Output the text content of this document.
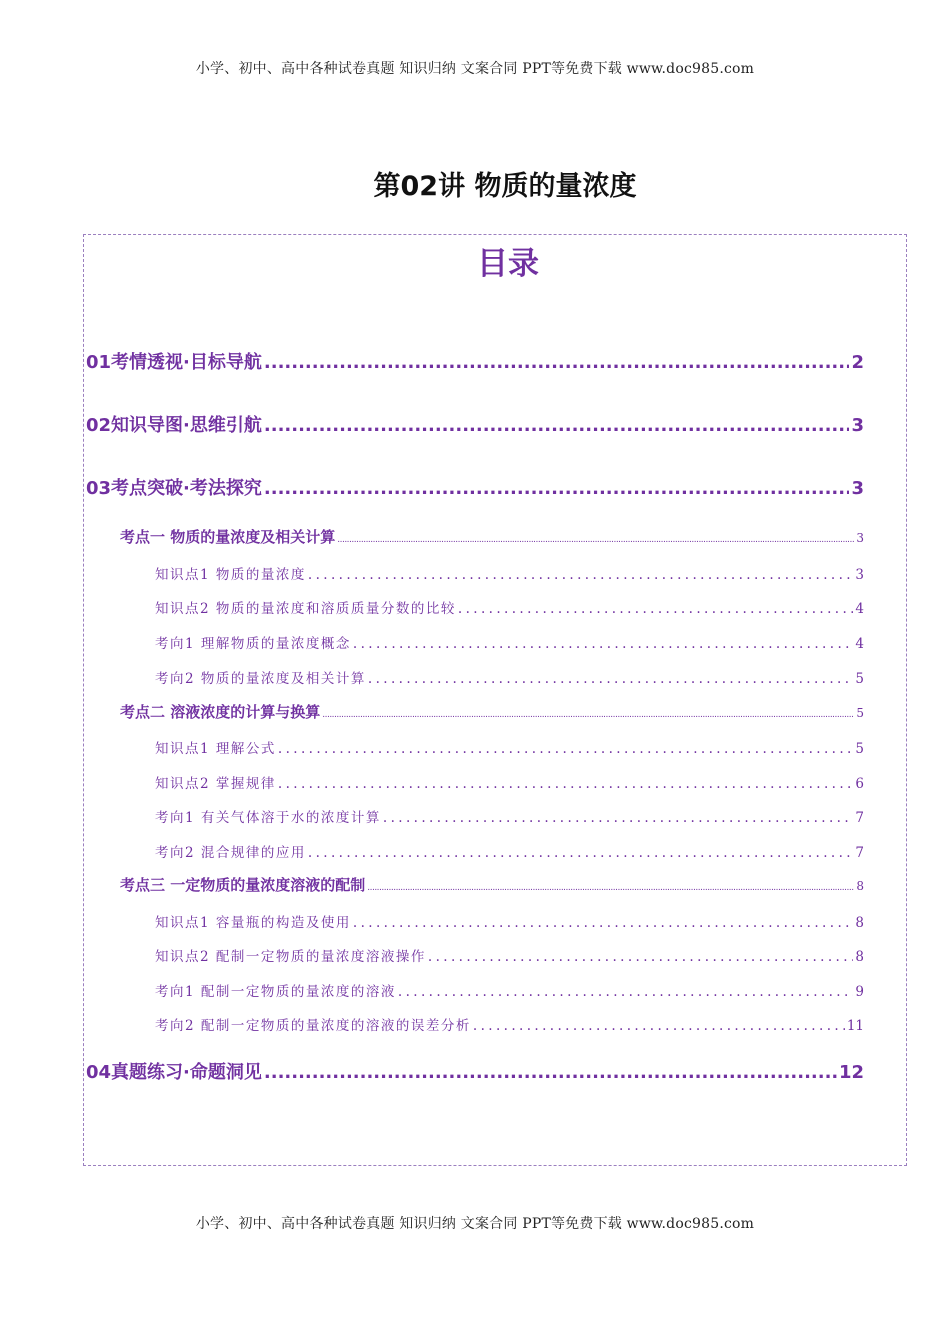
小学、初中、高中各种试卷真题 知识归纳 文案合同 PPT等免费下载 www.doc985.com
第02讲 物质的量浓度
目录
01考情透视·目标导航 .....	2
02知识导图·思维引航 .....	3
03考点突破·考法探究 .....	3
考点一 物质的量浓度及相关计算 .....	3
知识点1 物质的量浓度 .....	3
知识点2 物质的量浓度和溶质质量分数的比较 .....	4
考向1 理解物质的量浓度概念 .....	4
考向2 物质的量浓度及相关计算 .....	5
考点二 溶液浓度的计算与换算 .....	5
知识点1 理解公式 .....	5
知识点2 掌握规律 .....	6
考向1 有关气体溶于水的浓度计算 .....	7
考向2 混合规律的应用 .....	7
考点三 一定物质的量浓度溶液的配制 .....	8
知识点1 容量瓶的构造及使用 .....	8
知识点2 配制一定物质的量浓度溶液操作 .....	8
考向1 配制一定物质的量浓度的溶液 .....	9
考向2 配制一定物质的量浓度的溶液的误差分析 .....	11
04真题练习·命题洞见 .....	12
小学、初中、高中各种试卷真题 知识归纳 文案合同 PPT等免费下载 www.doc985.com
